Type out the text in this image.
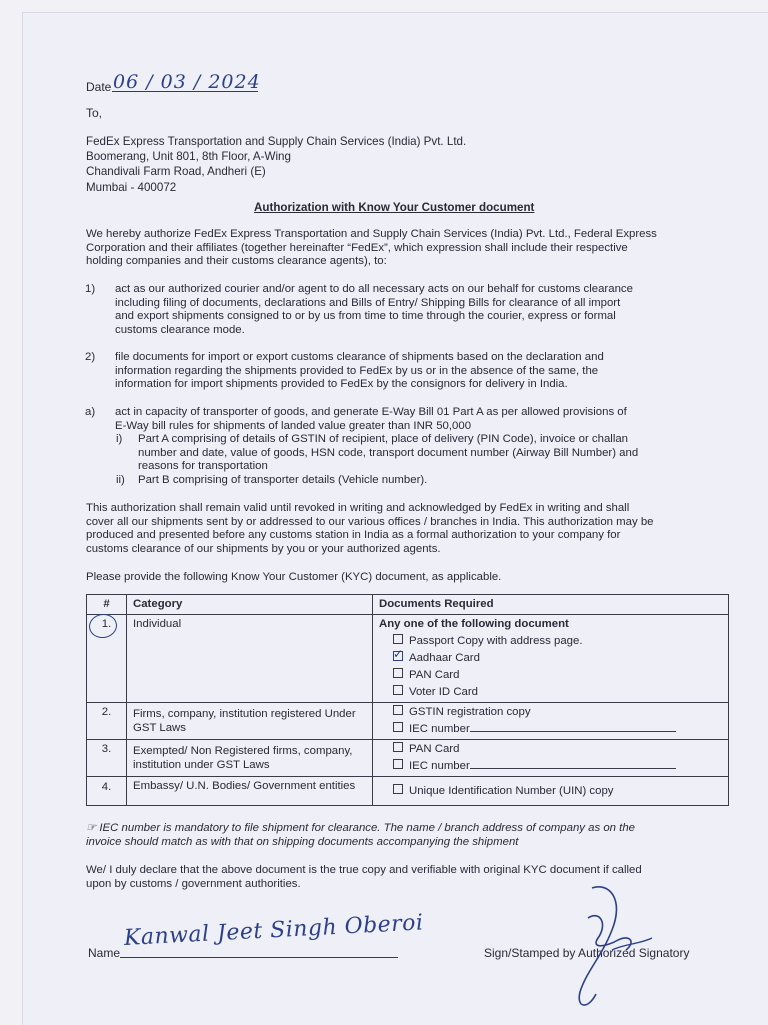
Date 06 / 03 / 2024
To,
FedEx Express Transportation and Supply Chain Services (India) Pvt. Ltd.
Boomerang, Unit 801, 8th Floor, A-Wing
Chandivali Farm Road, Andheri (E)
Mumbai - 400072
Authorization with Know Your Customer document
We hereby authorize FedEx Express Transportation and Supply Chain Services (India) Pvt. Ltd., Federal Express
Corporation and their affiliates (together hereinafter “FedEx”, which expression shall include their respective
holding companies and their customs clearance agents), to:
1) act as our authorized courier and/or agent to do all necessary acts on our behalf for customs clearance
including filing of documents, declarations and Bills of Entry/ Shipping Bills for clearance of all import
and export shipments consigned to or by us from time to time through the courier, express or formal
customs clearance mode.
2) file documents for import or export customs clearance of shipments based on the declaration and
information regarding the shipments provided to FedEx by us or in the absence of the same, the
information for import shipments provided to FedEx by the consignors for delivery in India.
a) act in capacity of transporter of goods, and generate E-Way Bill 01 Part A as per allowed provisions of
E-Way bill rules for shipments of landed value greater than INR 50,000
i) Part A comprising of details of GSTIN of recipient, place of delivery (PIN Code), invoice or challan
number and date, value of goods, HSN code, transport document number (Airway Bill Number) and
reasons for transportation
ii) Part B comprising of transporter details (Vehicle number).
This authorization shall remain valid until revoked in writing and acknowledged by FedEx in writing and shall
cover all our shipments sent by or addressed to our various offices / branches in India. This authorization may be
produced and presented before any customs station in India as a formal authorization to your company for
customs clearance of our shipments by you or your authorized agents.
Please provide the following Know Your Customer (KYC) document, as applicable.
#	Category	Documents Required
1.	Individual	Any one of the following document
Passport Copy with address page.
✓Aadhaar Card
PAN Card
Voter ID Card

2.	Firms, company, institution registered Under GST Laws	GSTIN registration copy
IEC number

3.	Exempted/ Non Registered firms, company, institution under GST Laws	PAN Card
IEC number

4.	Embassy/ U.N. Bodies/ Government entities	Unique Identification Number (UIN) copy
☞ IEC number is mandatory to file shipment for clearance. The name / branch address of company as on the
invoice should match as with that on shipping documents accompanying the shipment
We/ I duly declare that the above document is the true copy and verifiable with original KYC document if called
upon by customs / government authorities.
Name
Kanwal Jeet Singh Oberoi
Sign/Stamped by Authorized Signatory
